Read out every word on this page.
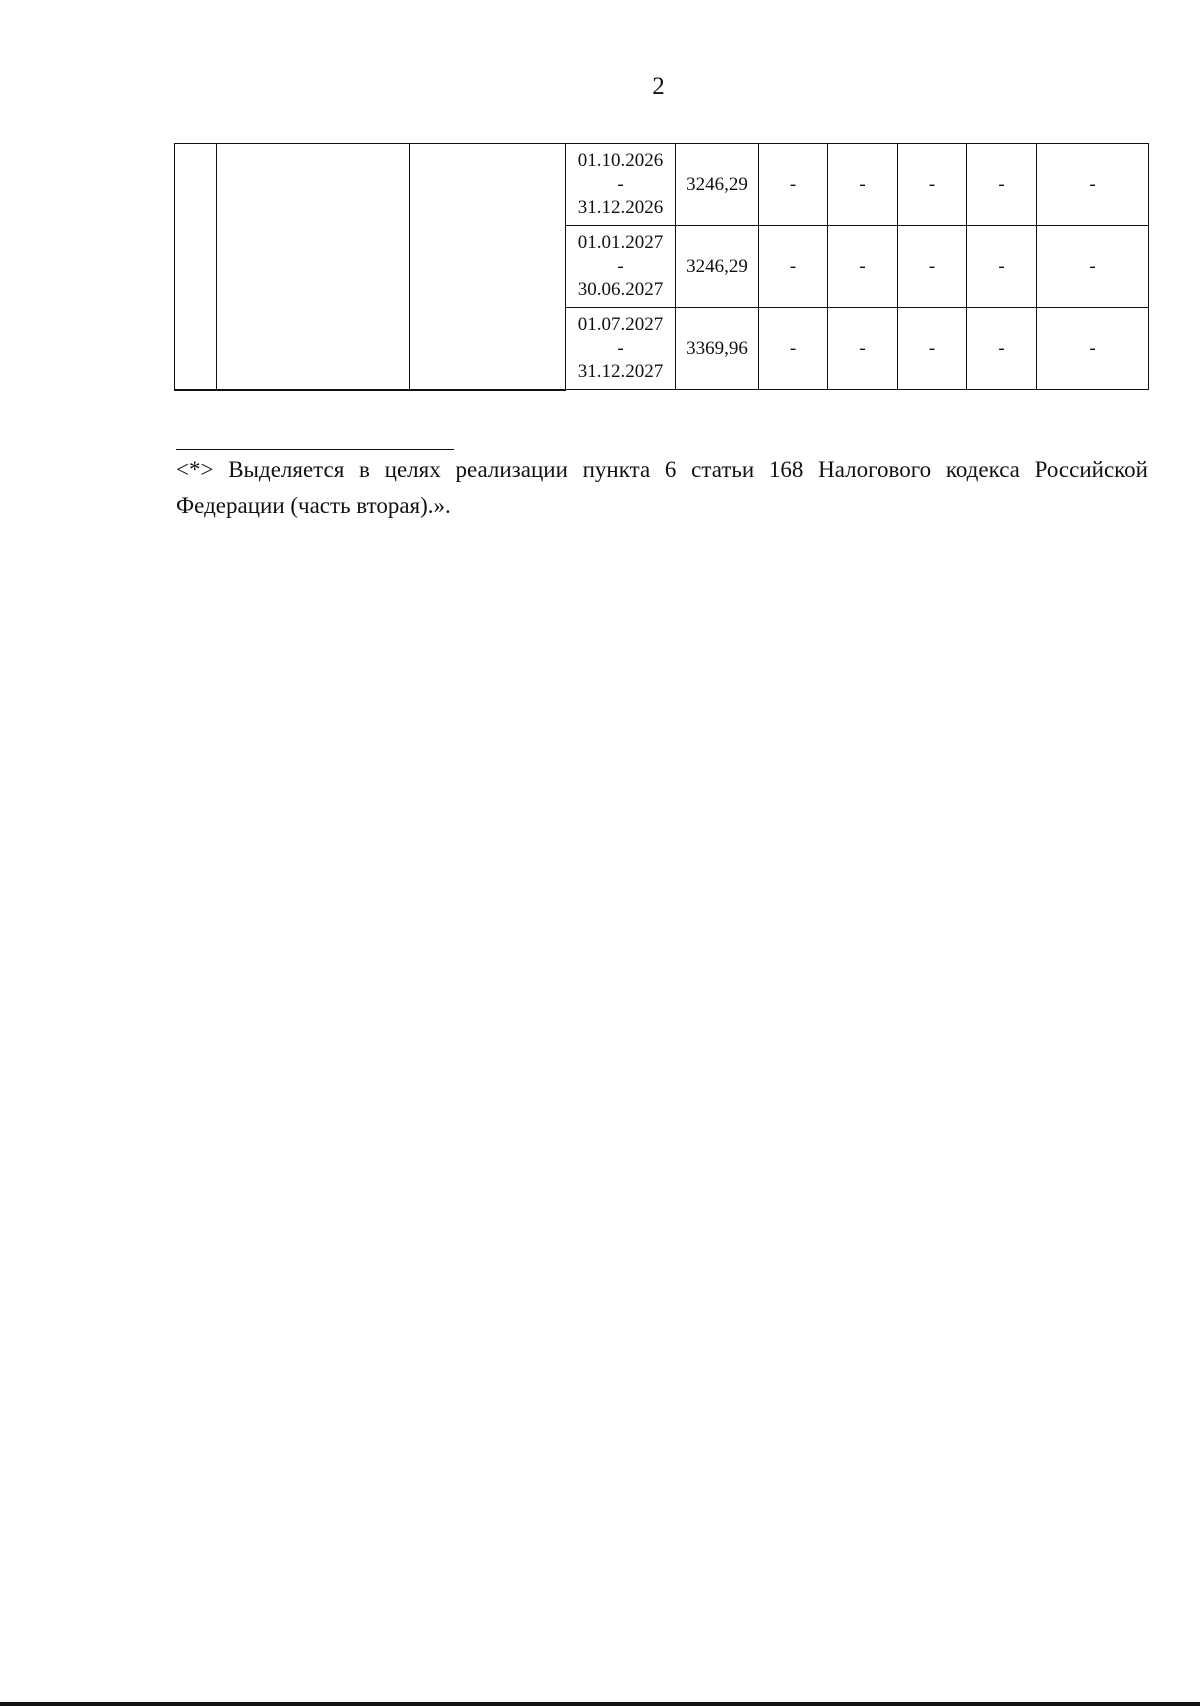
2

			01.10.2026
-
31.12.2026	3246,29	-	-	-	-	-

			01.01.2027
-
30.06.2027	3246,29	-	-	-	-	-

			01.07.2027
-
31.12.2027	3369,96	-	-	-	-	-

<*> Выделяется в целях реализации пункта 6 статьи 168 Налогового кодекса Российской Федерации (часть вторая).».
